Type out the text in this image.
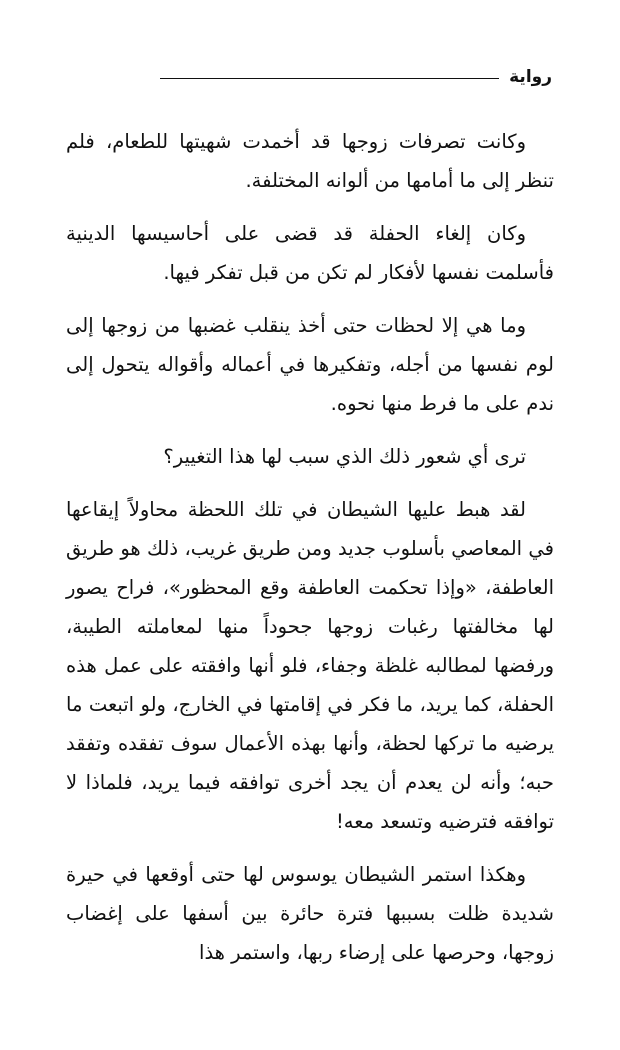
رواية

وكانت تصرفات زوجها قد أخمدت شهيتها للطعام، فلم تنظر إلى ما أمامها من ألوانه المختلفة.

وكان إلغاء الحفلة قد قضى على أحاسيسها الدينية فأسلمت نفسها لأفكار لم تكن من قبل تفكر فيها.

وما هي إلا لحظات حتى أخذ ينقلب غضبها من زوجها إلى لوم نفسها من أجله، وتفكيرها في أعماله وأقواله يتحول إلى ندم على ما فرط منها نحوه.

ترى أي شعور ذلك الذي سبب لها هذا التغيير؟

لقد هبط عليها الشيطان في تلك اللحظة محاولاً إيقاعها في المعاصي بأسلوب جديد ومن طريق غريب، ذلك هو طريق العاطفة، «وإذا تحكمت العاطفة وقع المحظور»، فراح يصور لها مخالفتها رغبات زوجها جحوداً منها لمعاملته الطيبة، ورفضها لمطالبه غلظة وجفاء، فلو أنها وافقته على عمل هذه الحفلة، كما يريد، ما فكر في إقامتها في الخارج، ولو اتبعت ما يرضيه ما تركها لحظة، وأنها بهذه الأعمال سوف تفقده وتفقد حبه؛ وأنه لن يعدم أن يجد أخرى توافقه فيما يريد، فلماذا لا توافقه فترضيه وتسعد معه!

وهكذا استمر الشيطان يوسوس لها حتى أوقعها في حيرة شديدة ظلت بسببها فترة حائرة بين أسفها على إغضاب زوجها، وحرصها على إرضاء ربها، واستمر هذا
